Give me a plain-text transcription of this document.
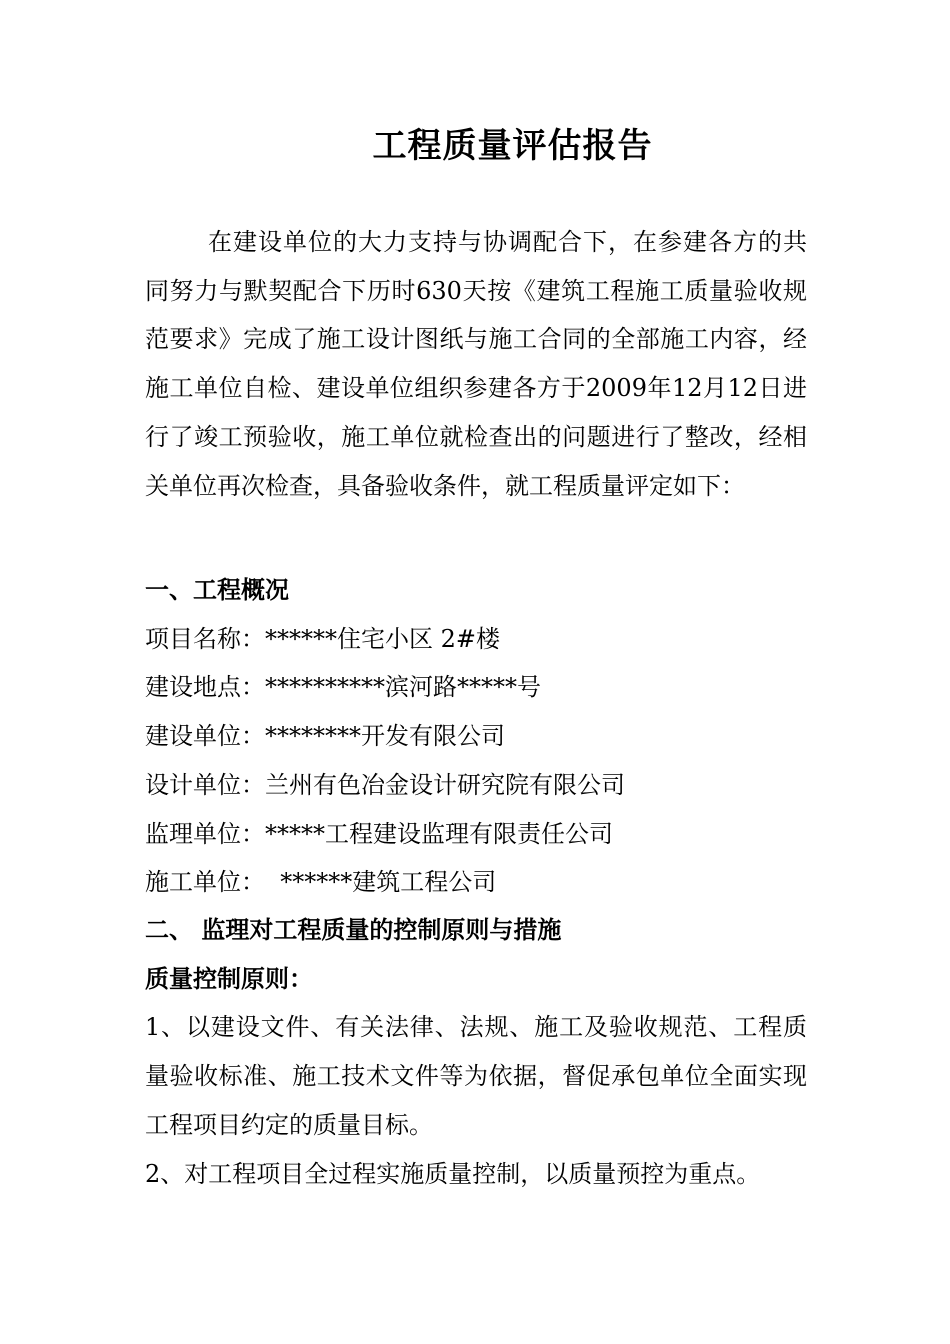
工程质量评估报告

在建设单位的大力支持与协调配合下，在参建各方的共同努力与默契配合下历时630天按《建筑工程施工质量验收规范要求》完成了施工设计图纸与施工合同的全部施工内容，经施工单位自检、建设单位组织参建各方于2009年12月12日进行了竣工预验收，施工单位就检查出的问题进行了整改，经相关单位再次检查，具备验收条件，就工程质量评定如下：

一、工程概况

项目名称：******住宅小区 2#楼

建设地点：**********滨河路*****号

建设单位：********开发有限公司

设计单位：兰州有色冶金设计研究院有限公司

监理单位：*****工程建设监理有限责任公司

施工单位：  ******建筑工程公司

二、 监理对工程质量的控制原则与措施

质量控制原则：

1、以建设文件、有关法律、法规、施工及验收规范、工程质量验收标准、施工技术文件等为依据，督促承包单位全面实现工程项目约定的质量目标。

2、对工程项目全过程实施质量控制，以质量预控为重点。
